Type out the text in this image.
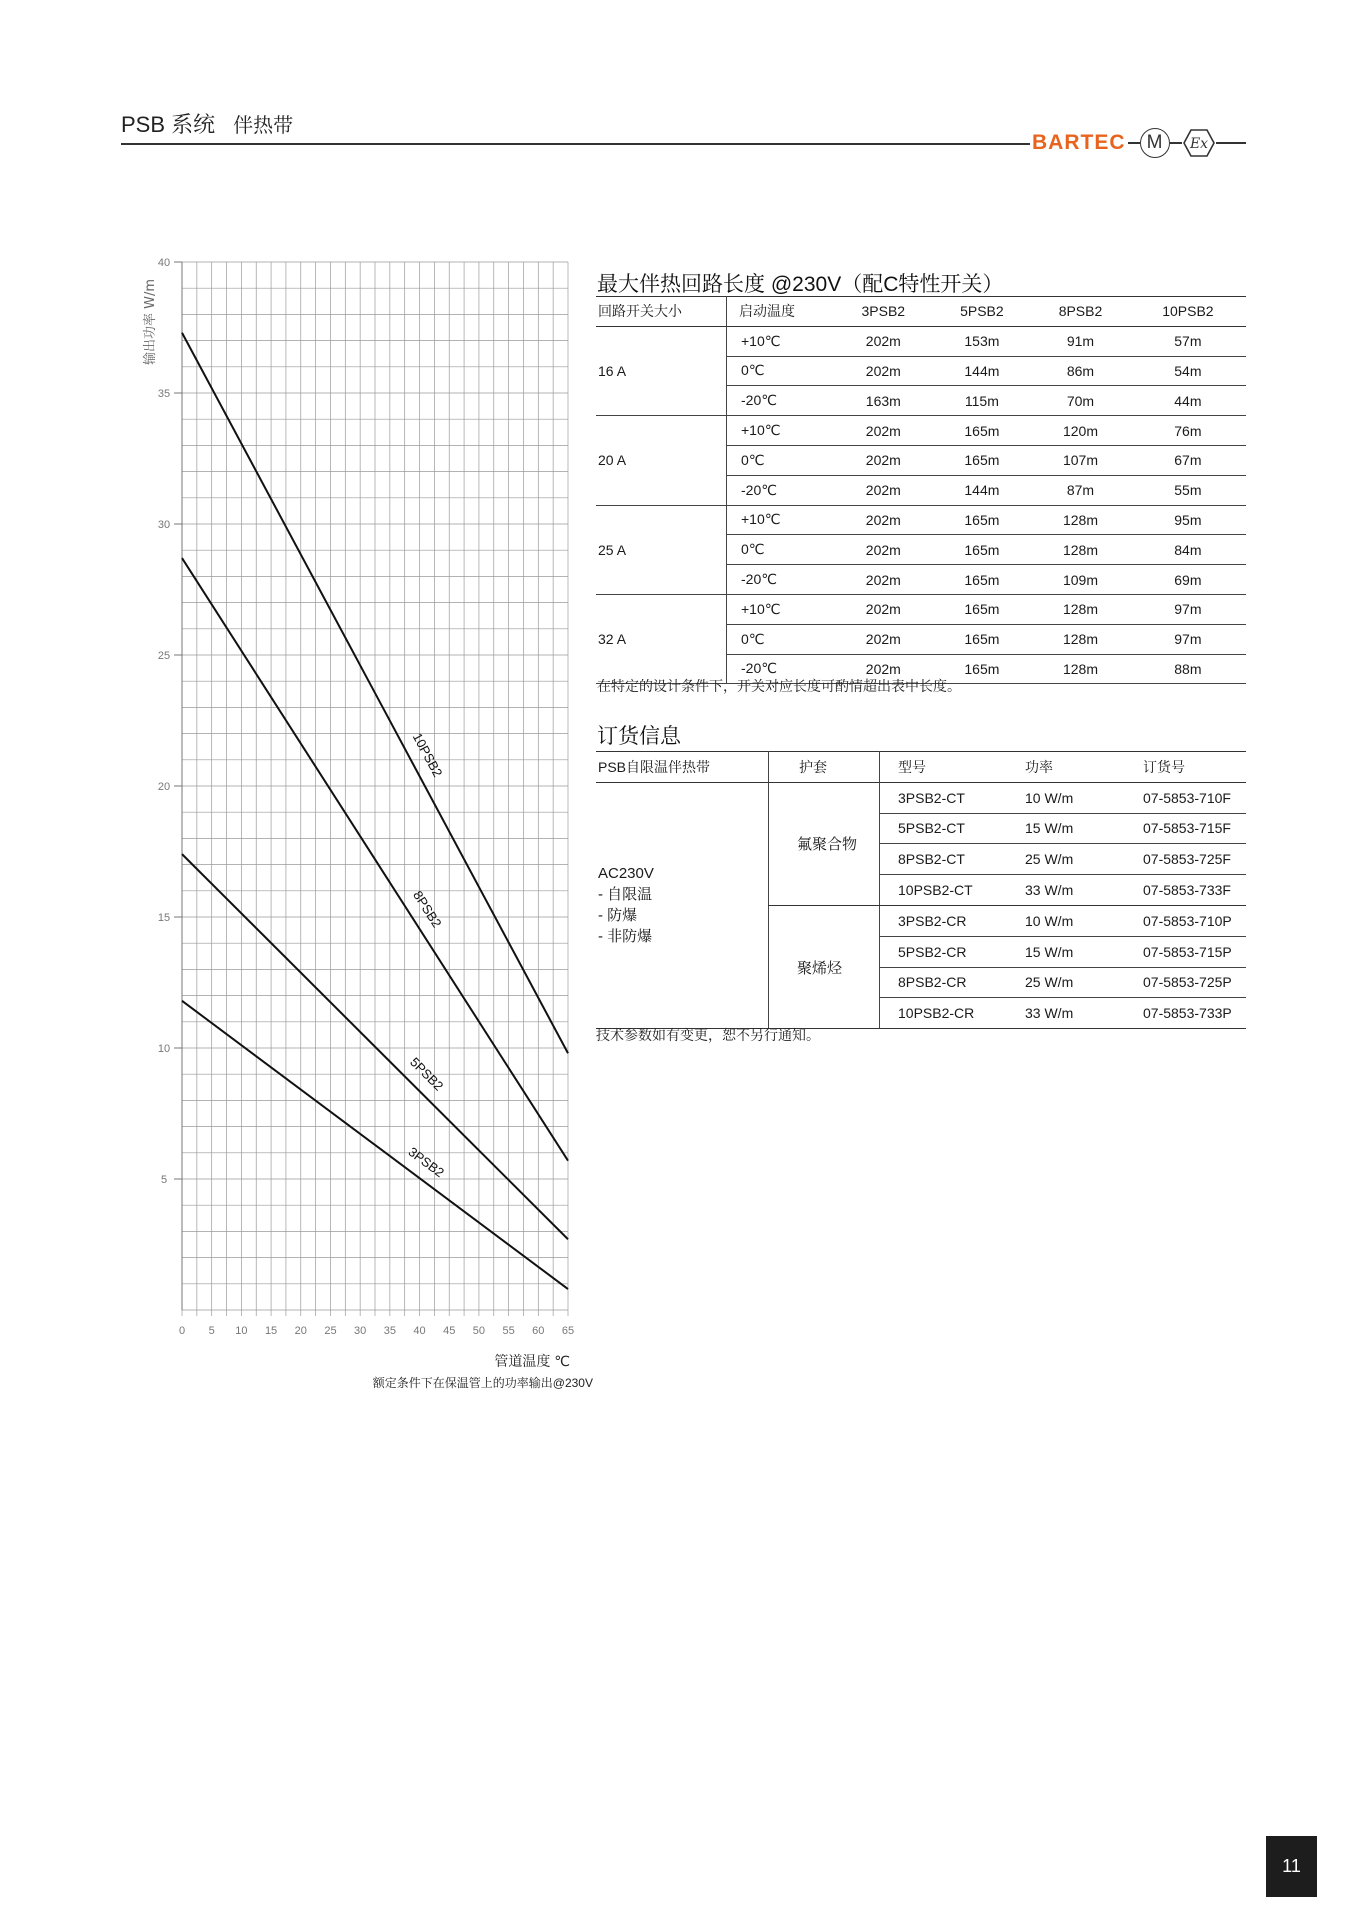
PSB 系统 伴热带
BARTEC	M	Ex
5
10
15
20
25
30
35
40
0 5 10 15 20 25 30 35 40 45 50 55 60 65
输出功率 W/m
10PSB2
8PSB2
5PSB2
3PSB2
管道温度 ℃
额定条件下在保温管上的功率输出@230V
最大伴热回路长度 @230V（配C特性开关）
回路开关大小	启动温度	3PSB2	5PSB2	8PSB2	10PSB2
16 A	+10℃	202m	153m	91m	57m
	0℃	202m	144m	86m	54m
	-20℃	163m	115m	70m	44m
20 A	+10℃	202m	165m	120m	76m
	0℃	202m	165m	107m	67m
	-20℃	202m	144m	87m	55m
25 A	+10℃	202m	165m	128m	95m
	0℃	202m	165m	128m	84m
	-20℃	202m	165m	109m	69m
32 A	+10℃	202m	165m	128m	97m
	0℃	202m	165m	128m	97m
	-20℃	202m	165m	128m	88m
在特定的设计条件下，开关对应长度可酌情超出表中长度。
订货信息
PSB自限温伴热带	护套	型号	功率	订货号

AC230V
- 自限温
- 防爆
- 非防爆	氟聚合物	3PSB2-CT	10 W/m	07-5853-710F
		5PSB2-CT	15 W/m	07-5853-715F
		8PSB2-CT	25 W/m	07-5853-725F
		10PSB2-CT	33 W/m	07-5853-733F
	聚烯烃	3PSB2-CR	10 W/m	07-5853-710P
		5PSB2-CR	15 W/m	07-5853-715P
		8PSB2-CR	25 W/m	07-5853-725P
		10PSB2-CR	33 W/m	07-5853-733P
技术参数如有变更，恕不另行通知。
11
